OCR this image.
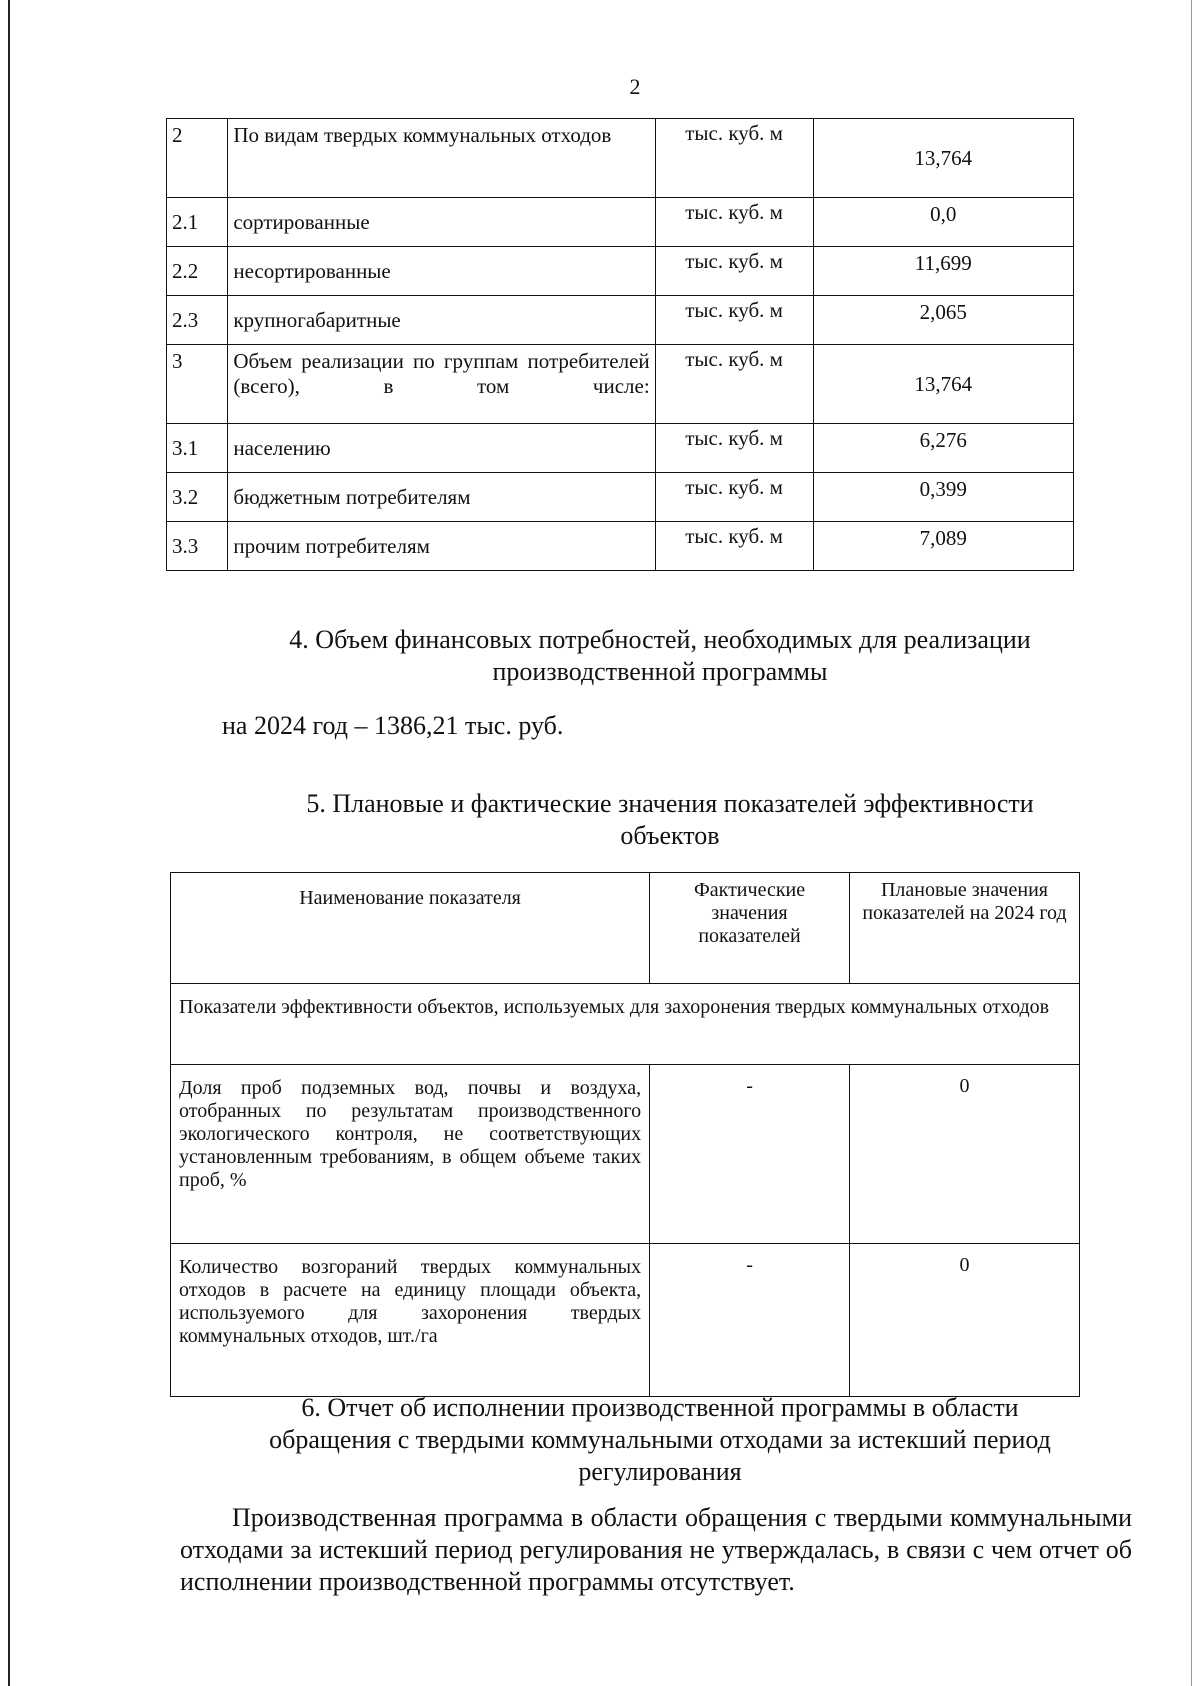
2
2	По видам твердых коммунальных отходов	тыс. куб. м	13,764
2.1	сортированные	тыс. куб. м	0,0
2.2	несортированные	тыс. куб. м	11,699
2.3	крупногабаритные	тыс. куб. м	2,065
3	Объем реализации по группам потребителей (всего), в том числе:	тыс. куб. м	13,764
3.1	населению	тыс. куб. м	6,276
3.2	бюджетным потребителям	тыс. куб. м	0,399
3.3	прочим потребителям	тыс. куб. м	7,089
4. Объем финансовых потребностей, необходимых для реализации
производственной программы
на 2024 год – 1386,21 тыс. руб.
5. Плановые и фактические значения показателей эффективности
объектов
Наименование показателя	Фактические значения показателей	Плановые значения показателей на 2024 год
Показатели эффективности объектов, используемых для захоронения твердых коммунальных отходов		
Доля проб подземных вод, почвы и воздуха, отобранных по результатам производственного экологического контроля, не соответствующих установленным требованиям, в общем объеме таких проб, %	-	0
Количество возгораний твердых коммунальных отходов в расчете на единицу площади объекта, используемого для захоронения твердых коммунальных отходов, шт./га	-	0
6. Отчет об исполнении производственной программы в области
обращения с твердыми коммунальными отходами за истекший период
регулирования
Производственная программа в области обращения с твердыми коммунальными отходами за истекший период регулирования не утверждалась, в связи с чем отчет об исполнении производственной программы отсутствует.
